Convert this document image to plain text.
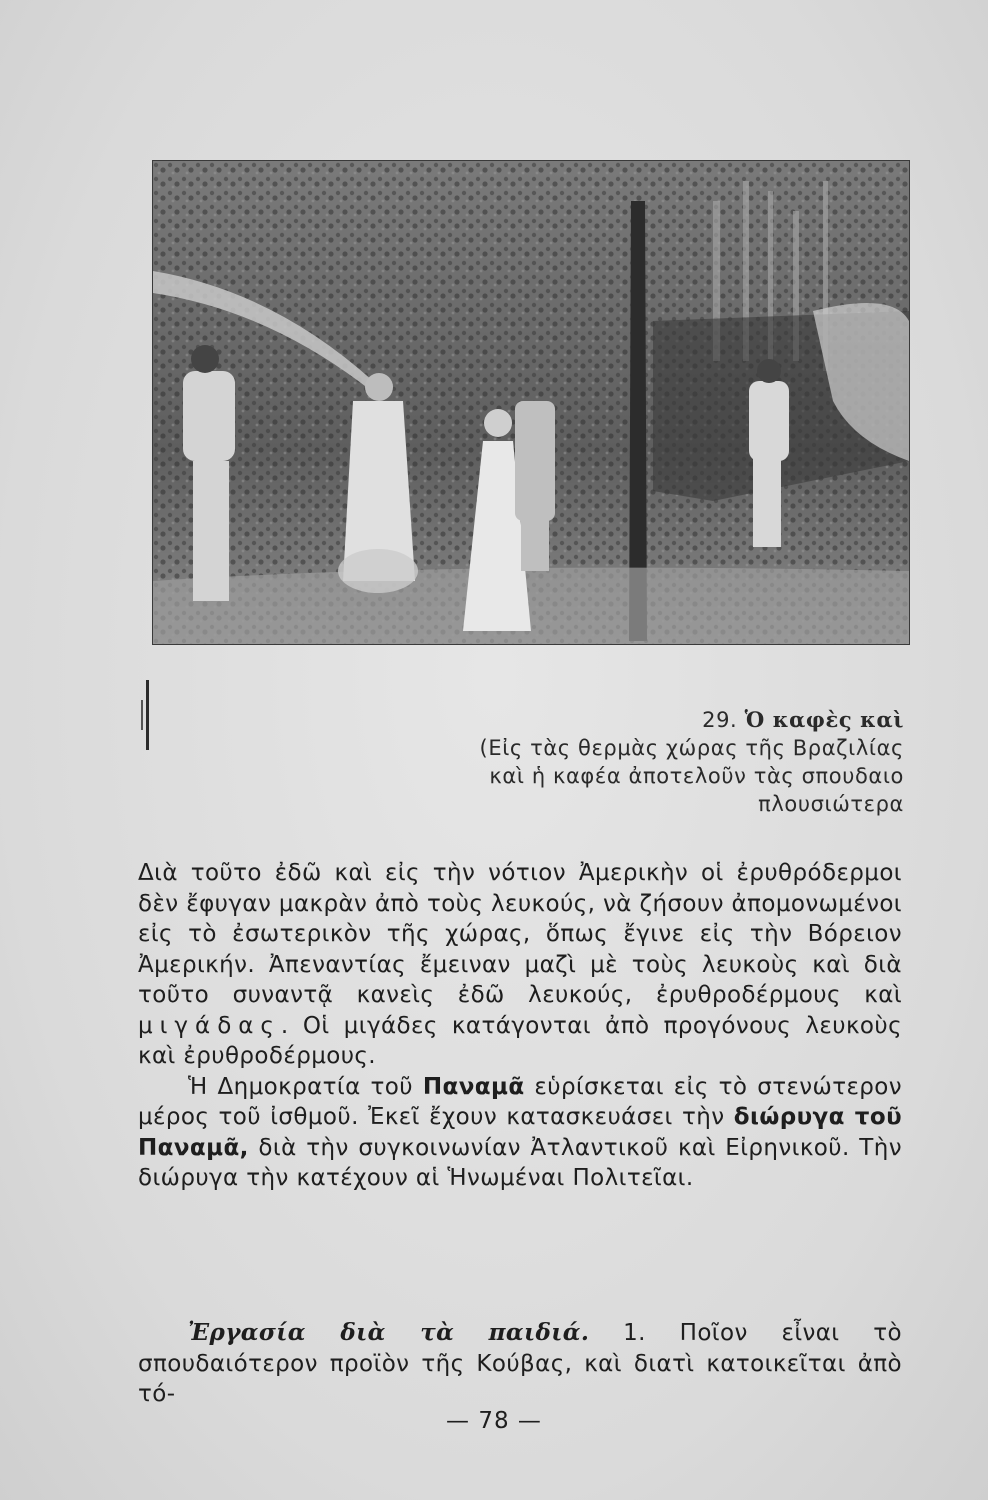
29. Ὁ καφὲς καὶ
(Εἰς τὰς θερμὰς χώρας τῆς Βραζιλίας
καὶ ἡ καφέα ἀποτελοῦν τὰς σπουδαιο
πλουσιώτερα

Διὰ τοῦτο ἐδῶ καὶ εἰς τὴν νότιον Ἀμερικὴν οἱ ἐρυθρόδερμοι δὲν ἔφυγαν μακρὰν ἀπὸ τοὺς λευκούς, νὰ ζήσουν ἀπομονωμένοι εἰς τὸ ἐσωτερικὸν τῆς χώρας, ὅπως ἔγινε εἰς τὴν Βόρειον Ἀμερικήν. Ἀπεναντίας ἔμειναν μαζὶ μὲ τοὺς λευκοὺς καὶ διὰ τοῦτο συναντᾷ κανεὶς ἐδῶ λευκούς, ἐρυθροδέρμους καὶ μιγάδας. Οἱ μιγάδες κατάγονται ἀπὸ προγόνους λευκοὺς καὶ ἐρυθροδέρμους.

Ἡ Δημοκρατία τοῦ Παναμᾶ εὑρίσκεται εἰς τὸ στενώτερον μέρος τοῦ ἰσθμοῦ. Ἐκεῖ ἔχουν κατασκευάσει τὴν διώρυγα τοῦ Παναμᾶ, διὰ τὴν συγκοινωνίαν Ἀτλαντικοῦ καὶ Εἰρηνικοῦ. Τὴν διώρυγα τὴν κατέχουν αἱ Ἡνωμέναι Πολιτεῖαι.

Ἐργασία διὰ τὰ παιδιά. 1. Ποῖον εἶναι τὸ σπουδαιότερον προϊὸν τῆς Κούβας, καὶ διατὶ κατοικεῖται ἀπὸ τό-

— 78 —
